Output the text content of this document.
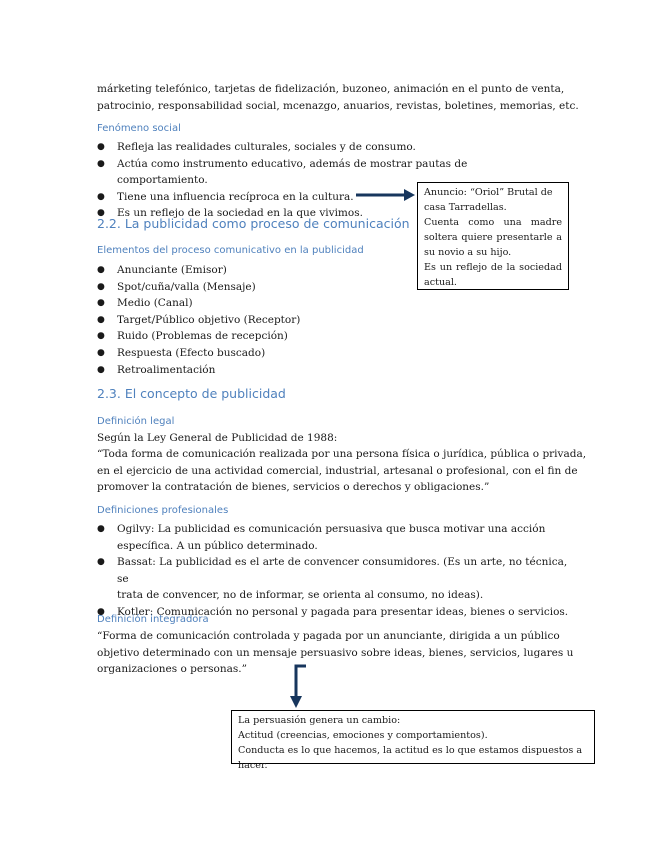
márketing telefónico, tarjetas de fidelización, buzoneo, animación en el punto de venta,
patrocinio, responsabilidad social, mcenazgo, anuarios, revistas, boletines, memorias, etc.
Fenómeno social
● Refleja las realidades culturales, sociales y de consumo.
● Actúa como instrumento educativo, además de mostrar pautas de comportamiento.
● Tiene una influencia recíproca en la cultura.
● Es un reflejo de la sociedad en la que vivimos.

Anuncio: “Oriol” Brutal de casa Tarradellas.

Cuenta como una madre soltera quiere presentarle a su novio a su hijo.

Es un reflejo de la sociedad actual.

2.2. La publicidad como proceso de comunicación
Elementos del proceso comunicativo en la publicidad
● Anunciante (Emisor)
● Spot/cuña/valla (Mensaje)
● Medio (Canal)
● Target/Público objetivo (Receptor)
● Ruido (Problemas de recepción)
● Respuesta (Efecto buscado)
● Retroalimentación
2.3. El concepto de publicidad
Definición legal
Según la Ley General de Publicidad de 1988:
“Toda forma de comunicación realizada por una persona física o jurídica, pública o privada,
en el ejercicio de una actividad comercial, industrial, artesanal o profesional, con el fin de
promover la contratación de bienes, servicios o derechos y obligaciones.”
Definiciones profesionales
● Ogilvy: La publicidad es comunicación persuasiva que busca motivar una acción
específica. A un público determinado.
● Bassat: La publicidad es el arte de convencer consumidores. (Es un arte, no técnica, se
trata de convencer, no de informar, se orienta al consumo, no ideas).
● Kotler: Comunicación no personal y pagada para presentar ideas, bienes o servicios.
Definición integradora
“Forma de comunicación controlada y pagada por un anunciante, dirigida a un público
objetivo determinado con un mensaje persuasivo sobre ideas, bienes, servicios, lugares u
organizaciones o personas.”

La persuasión genera un cambio:

Actitud (creencias, emociones y comportamientos).

Conducta es lo que hacemos, la actitud es lo que estamos dispuestos a hacer.
